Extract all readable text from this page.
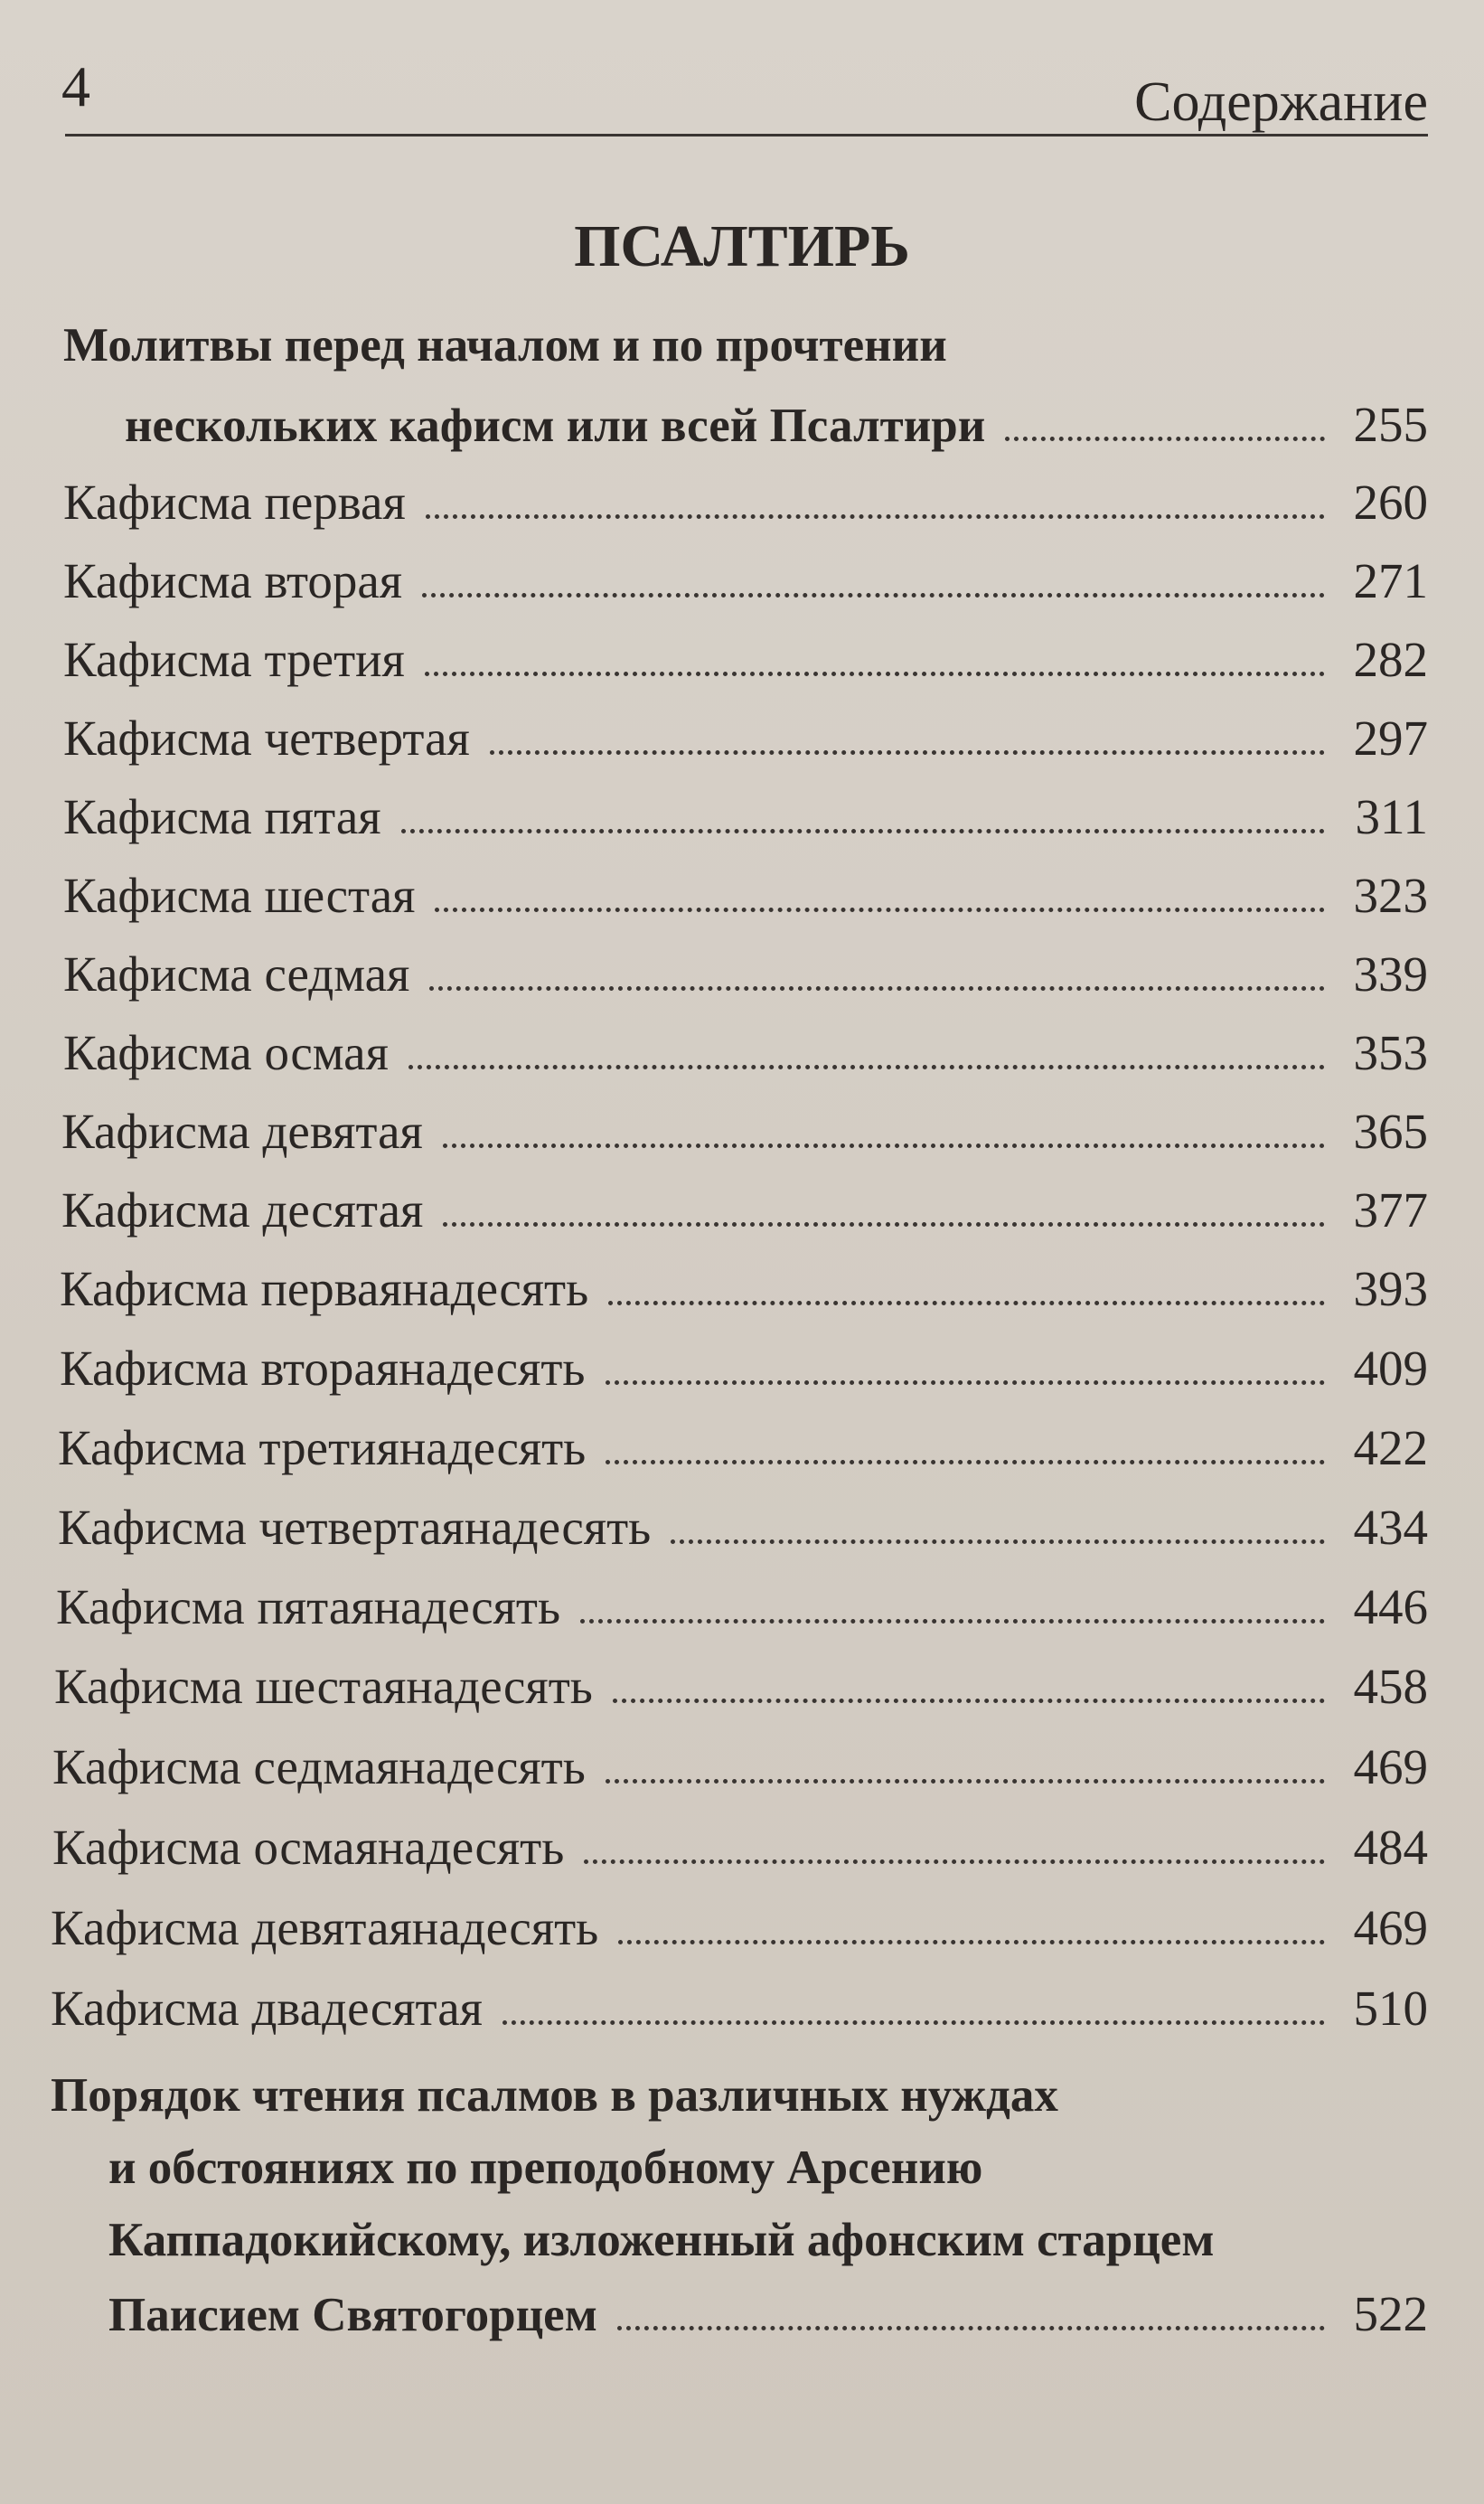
4	Содержание
ПСАЛТИРЬ
Молитвы перед началом и по прочтении
нескольких кафисм или всей Псалтири	255
Кафисма первая	260
Кафисма вторая	271
Кафисма третия	282
Кафисма четвертая	297
Кафисма пятая	311
Кафисма шестая	323
Кафисма седмая	339
Кафисма осмая	353
Кафисма девятая	365
Кафисма десятая	377
Кафисма перваянадесять	393
Кафисма втораянадесять	409
Кафисма третиянадесять	422
Кафисма четвертаянадесять	434
Кафисма пятаянадесять	446
Кафисма шестаянадесять	458
Кафисма седмаянадесять	469
Кафисма осмаянадесять	484
Кафисма девятаянадесять	469
Кафисма двадесятая	510
Порядок чтения псалмов в различных нуждах
и обстояниях по преподобному Арсению
Каппадокийскому, изложенный афонским старцем
Паисием Святогорцем	522
